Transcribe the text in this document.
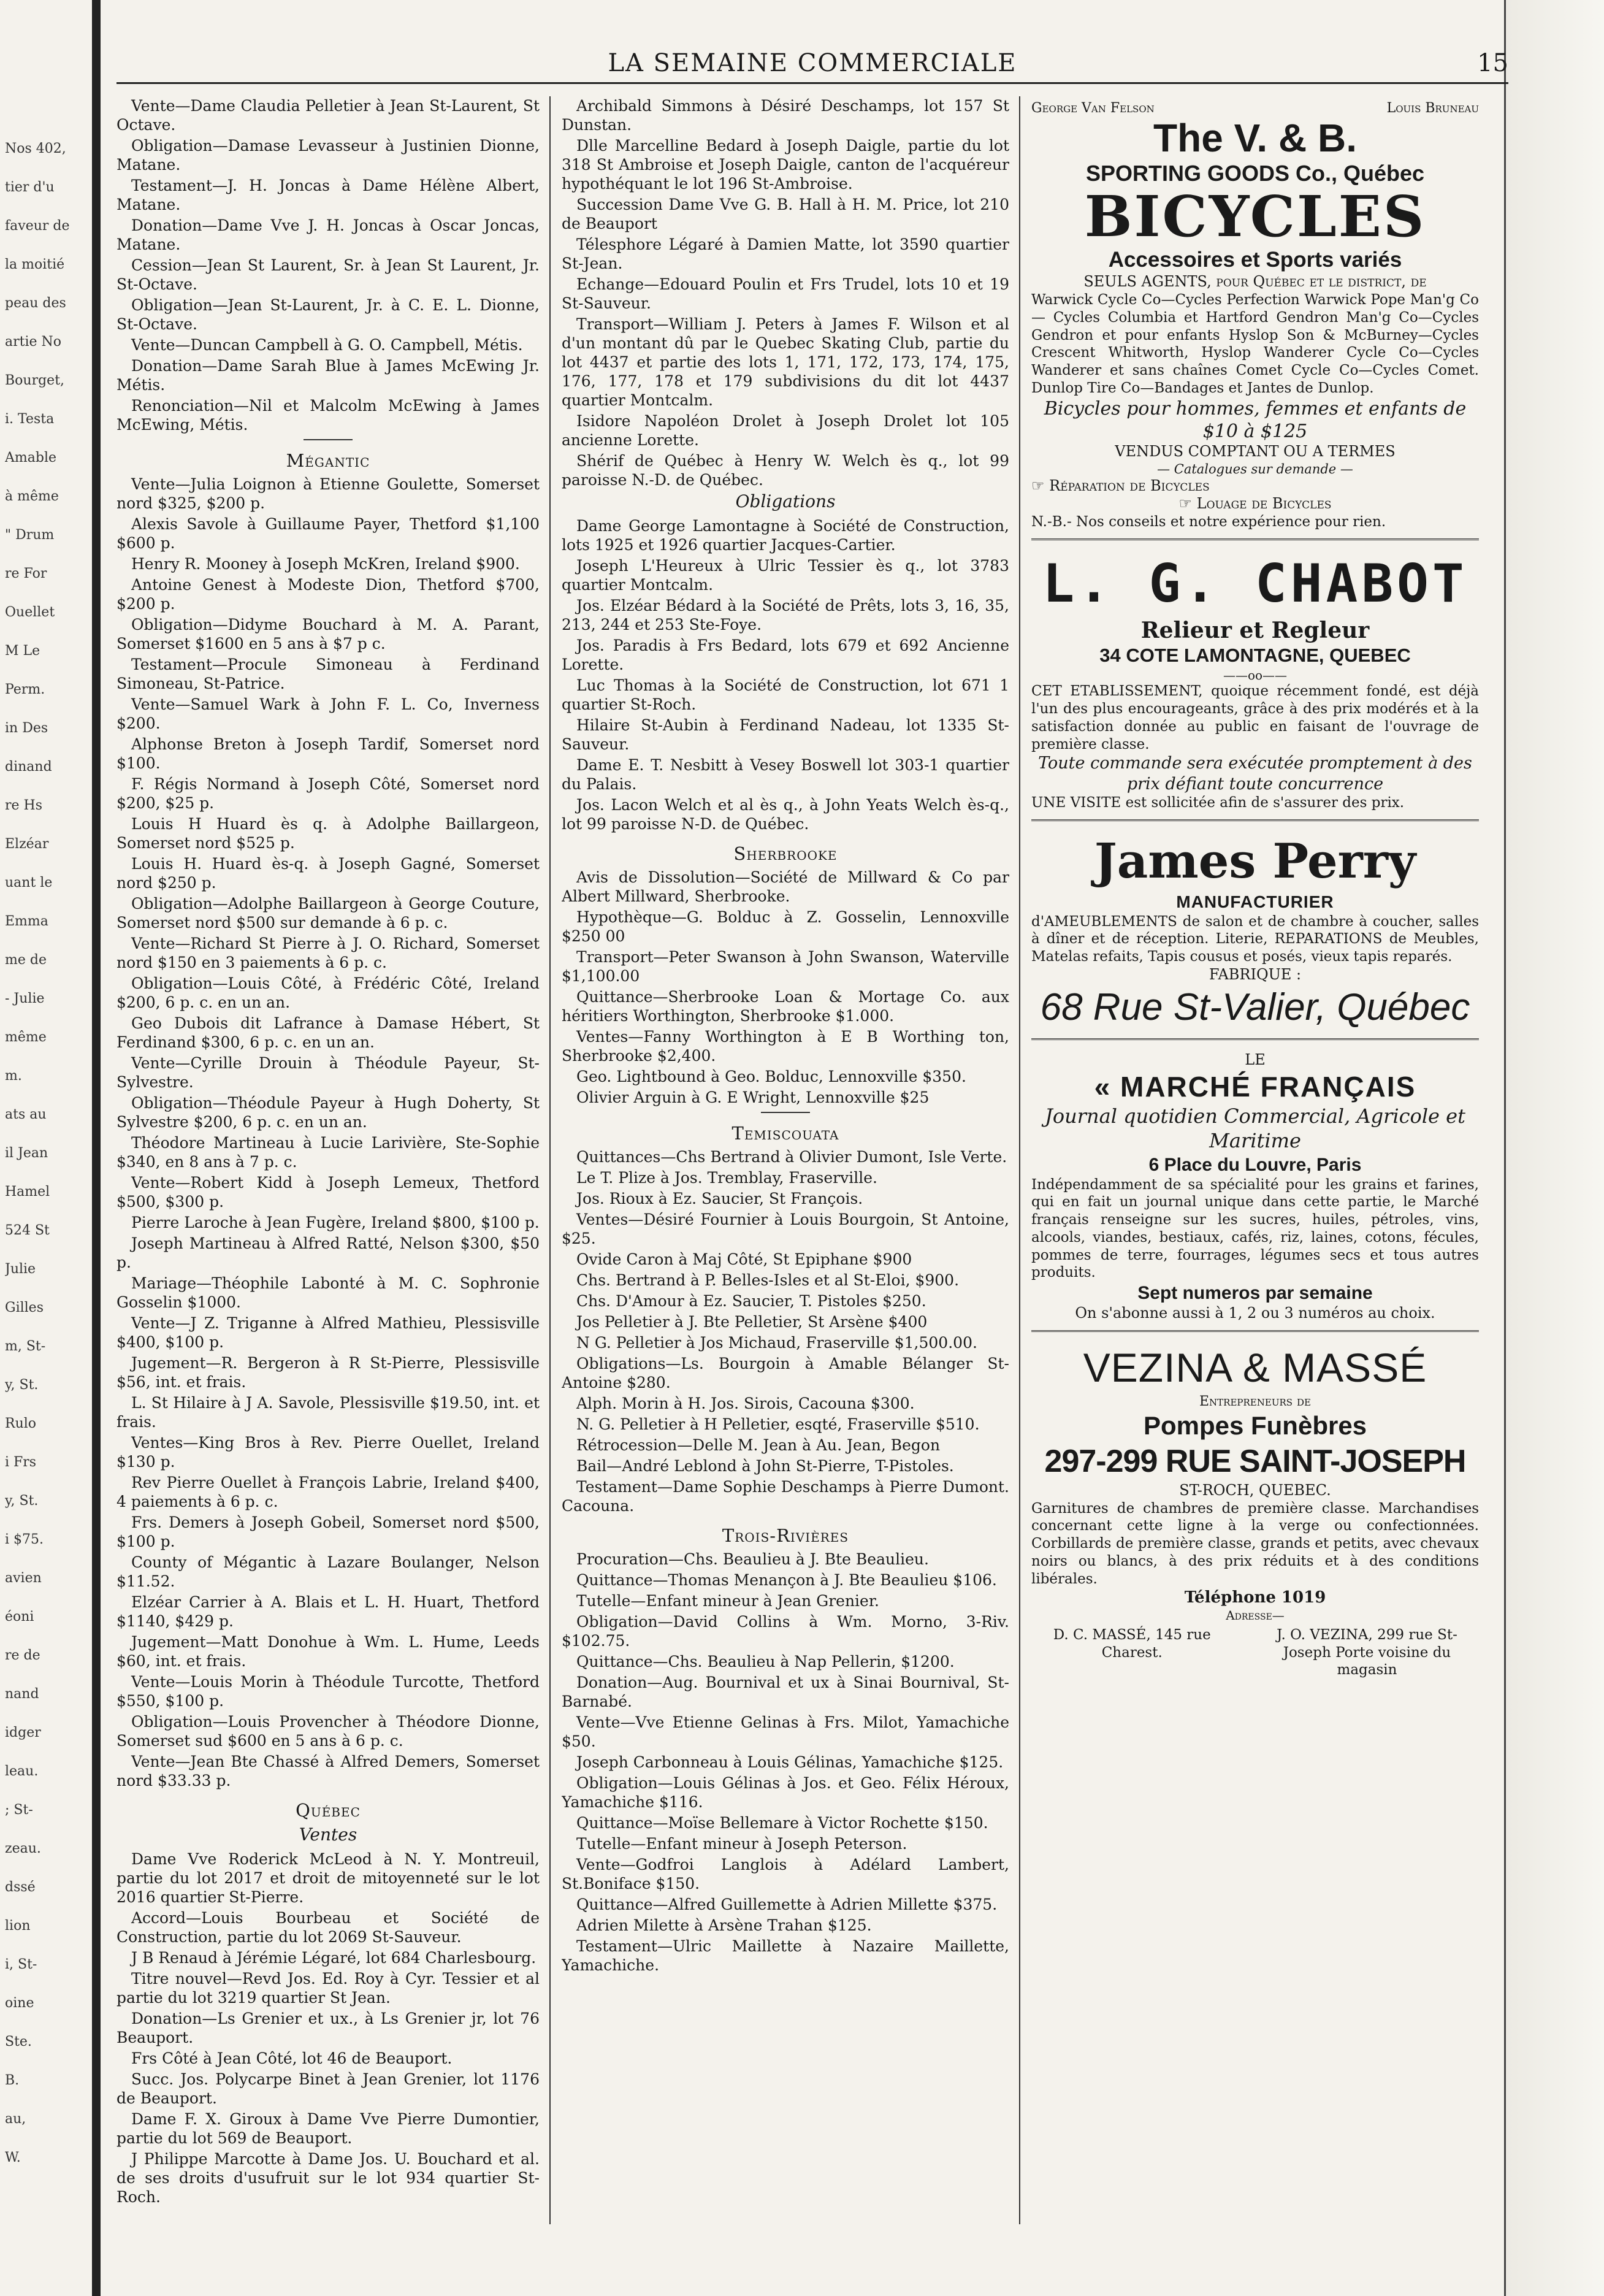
Nos 402,
tier d'u
faveur de
la moitié
peau des
artie No
Bourget,
i. Testa
Amable
à même
" Drum
re For
Ouellet
M Le
Perm.
in Des
dinand
re Hs
Elzéar
uant le
Emma
me de
- Julie
même
m.
ats au
il Jean
Hamel
524 St
Julie
Gilles
m, St-
y, St.
Rulo
i Frs
y, St.
i $75.
avien
éoni
re de
nand
idger
leau.
; St-
zeau.
dssé
lion
i, St-
oine
Ste.
B.
au,
W.
LA SEMAINE COMMERCIALE	15

Vente—Dame Claudia Pelletier à Jean St-Laurent, St Octave.

Obligation—Damase Levasseur à Justinien Dionne, Matane.

Testament—J. H. Joncas à Dame Hélène Albert, Matane.

Donation—Dame Vve J. H. Joncas à Oscar Joncas, Matane.

Cession—Jean St Laurent, Sr. à Jean St Laurent, Jr. St-Octave.

Obligation—Jean St-Laurent, Jr. à C. E. L. Dionne, St-Octave.

Vente—Duncan Campbell à G. O. Campbell, Métis.

Donation—Dame Sarah Blue à James McEwing Jr. Métis.

Renonciation—Nil et Malcolm McEwing à James McEwing, Métis.

Mégantic

Vente—Julia Loignon à Etienne Goulette, Somerset nord $325, $200 p.

Alexis Savole à Guillaume Payer, Thetford $1,100 $600 p.

Henry R. Mooney à Joseph McKren, Ireland $900.

Antoine Genest à Modeste Dion, Thetford $700, $200 p.

Obligation—Didyme Bouchard à M. A. Parant, Somerset $1600 en 5 ans à $7 p c.

Testament—Procule Simoneau à Ferdinand Simoneau, St-Patrice.

Vente—Samuel Wark à John F. L. Co, Inverness $200.

Alphonse Breton à Joseph Tardif, Somerset nord $100.

F. Régis Normand à Joseph Côté, Somerset nord $200, $25 p.

Louis H Huard ès q. à Adolphe Baillargeon, Somerset nord $525 p.

Louis H. Huard ès-q. à Joseph Gagné, Somerset nord $250 p.

Obligation—Adolphe Baillargeon à George Couture, Somerset nord $500 sur demande à 6 p. c.

Vente—Richard St Pierre à J. O. Richard, Somerset nord $150 en 3 paiements à 6 p. c.

Obligation—Louis Côté, à Frédéric Côté, Ireland $200, 6 p. c. en un an.

Geo Dubois dit Lafrance à Damase Hébert, St Ferdinand $300, 6 p. c. en un an.

Vente—Cyrille Drouin à Théodule Payeur, St-Sylvestre.

Obligation—Théodule Payeur à Hugh Doherty, St Sylvestre $200, 6 p. c. en un an.

Théodore Martineau à Lucie Larivière, Ste-Sophie $340, en 8 ans à 7 p. c.

Vente—Robert Kidd à Joseph Lemeux, Thetford $500, $300 p.

Pierre Laroche à Jean Fugère, Ireland $800, $100 p.

Joseph Martineau à Alfred Ratté, Nelson $300, $50 p.

Mariage—Théophile Labonté à M. C. Sophronie Gosselin $1000.

Vente—J Z. Triganne à Alfred Mathieu, Plessisville $400, $100 p.

Jugement—R. Bergeron à R St-Pierre, Plessisville $56, int. et frais.

L. St Hilaire à J A. Savole, Plessisville $19.50, int. et frais.

Ventes—King Bros à Rev. Pierre Ouellet, Ireland $130 p.

Rev Pierre Ouellet à François Labrie, Ireland $400, 4 paiements à 6 p. c.

Frs. Demers à Joseph Gobeil, Somerset nord $500, $100 p.

County of Mégantic à Lazare Boulanger, Nelson $11.52.

Elzéar Carrier à A. Blais et L. H. Huart, Thetford $1140, $429 p.

Jugement—Matt Donohue à Wm. L. Hume, Leeds $60, int. et frais.

Vente—Louis Morin à Théodule Turcotte, Thetford $550, $100 p.

Obligation—Louis Provencher à Théodore Dionne, Somerset sud $600 en 5 ans à 6 p. c.

Vente—Jean Bte Chassé à Alfred Demers, Somerset nord $33.33 p.

Québec
Ventes

Dame Vve Roderick McLeod à N. Y. Montreuil, partie du lot 2017 et droit de mitoyenneté sur le lot 2016 quartier St-Pierre.

Accord—Louis Bourbeau et Société de Construction, partie du lot 2069 St-Sauveur.

J B Renaud à Jérémie Légaré, lot 684 Charlesbourg.

Titre nouvel—Revd Jos. Ed. Roy à Cyr. Tessier et al partie du lot 3219 quartier St Jean.

Donation—Ls Grenier et ux., à Ls Grenier jr, lot 76 Beauport.

Frs Côté à Jean Côté, lot 46 de Beauport.

Succ. Jos. Polycarpe Binet à Jean Grenier, lot 1176 de Beauport.

Dame F. X. Giroux à Dame Vve Pierre Dumontier, partie du lot 569 de Beauport.

J Philippe Marcotte à Dame Jos. U. Bouchard et al. de ses droits d'usufruit sur le lot 934 quartier St-Roch.

Archibald Simmons à Désiré Deschamps, lot 157 St Dunstan.

Dlle Marcelline Bedard à Joseph Daigle, partie du lot 318 St Ambroise et Joseph Daigle, canton de l'acquéreur hypothéquant le lot 196 St-Ambroise.

Succession Dame Vve G. B. Hall à H. M. Price, lot 210 de Beauport

Télesphore Légaré à Damien Matte, lot 3590 quartier St-Jean.

Echange—Edouard Poulin et Frs Trudel, lots 10 et 19 St-Sauveur.

Transport—William J. Peters à James F. Wilson et al d'un montant dû par le Quebec Skating Club, partie du lot 4437 et partie des lots 1, 171, 172, 173, 174, 175, 176, 177, 178 et 179 subdivisions du dit lot 4437 quartier Montcalm.

Isidore Napoléon Drolet à Joseph Drolet lot 105 ancienne Lorette.

Shérif de Québec à Henry W. Welch ès q., lot 99 paroisse N.-D. de Québec.

Obligations

Dame George Lamontagne à Société de Construction, lots 1925 et 1926 quartier Jacques-Cartier.

Joseph L'Heureux à Ulric Tessier ès q., lot 3783 quartier Montcalm.

Jos. Elzéar Bédard à la Société de Prêts, lots 3, 16, 35, 213, 244 et 253 Ste-Foye.

Jos. Paradis à Frs Bedard, lots 679 et 692 Ancienne Lorette.

Luc Thomas à la Société de Construction, lot 671 1 quartier St-Roch.

Hilaire St-Aubin à Ferdinand Nadeau, lot 1335 St-Sauveur.

Dame E. T. Nesbitt à Vesey Boswell lot 303-1 quartier du Palais.

Jos. Lacon Welch et al ès q., à John Yeats Welch ès-q., lot 99 paroisse N-D. de Québec.

Sherbrooke

Avis de Dissolution—Société de Millward & Co par Albert Millward, Sherbrooke.

Hypothèque—G. Bolduc à Z. Gosselin, Lennoxville $250 00

Transport—Peter Swanson à John Swanson, Waterville $1,100.00

Quittance—Sherbrooke Loan & Mortage Co. aux héritiers Worthington, Sherbrooke $1.000.

Ventes—Fanny Worthington à E B Worthing ton, Sherbrooke $2,400.

Geo. Lightbound à Geo. Bolduc, Lennoxville $350.

Olivier Arguin à G. E Wright, Lennoxville $25

Temiscouata

Quittances—Chs Bertrand à Olivier Dumont, Isle Verte.

Le T. Plize à Jos. Tremblay, Fraserville.

Jos. Rioux à Ez. Saucier, St François.

Ventes—Désiré Fournier à Louis Bourgoin, St Antoine, $25.

Ovide Caron à Maj Côté, St Epiphane $900

Chs. Bertrand à P. Belles-Isles et al St-Eloi, $900.

Chs. D'Amour à Ez. Saucier, T. Pistoles $250.

Jos Pelletier à J. Bte Pelletier, St Arsène $400

N G. Pelletier à Jos Michaud, Fraserville $1,500.00.

Obligations—Ls. Bourgoin à Amable Bélanger St-Antoine $280.

Alph. Morin à H. Jos. Sirois, Cacouna $300.

N. G. Pelletier à H Pelletier, esqté, Fraserville $510.

Rétrocession—Delle M. Jean à Au. Jean, Begon

Bail—André Leblond à John St-Pierre, T-Pistoles.

Testament—Dame Sophie Deschamps à Pierre Dumont. Cacouna.

Trois-Rivières

Procuration—Chs. Beaulieu à J. Bte Beaulieu.

Quittance—Thomas Menançon à J. Bte Beaulieu $106.

Tutelle—Enfant mineur à Jean Grenier.

Obligation—David Collins à Wm. Morno, 3-Riv. $102.75.

Quittance—Chs. Beaulieu à Nap Pellerin, $1200.

Donation—Aug. Bournival et ux à Sinai Bournival, St-Barnabé.

Vente—Vve Etienne Gelinas à Frs. Milot, Yamachiche $50.

Joseph Carbonneau à Louis Gélinas, Yamachiche $125.

Obligation—Louis Gélinas à Jos. et Geo. Félix Héroux, Yamachiche $116.

Quittance—Moïse Bellemare à Victor Rochette $150.

Tutelle—Enfant mineur à Joseph Peterson.

Vente—Godfroi Langlois à Adélard Lambert, St.Boniface $150.

Quittance—Alfred Guillemette à Adrien Millette $375.

Adrien Milette à Arsène Trahan $125.

Testament—Ulric Maillette à Nazaire Maillette, Yamachiche.

George Van Felson	Louis Bruneau
The V. & B.
SPORTING GOODS Co., Québec
BICYCLES
Accessoires et Sports variés
SEULS AGENTS, pour Québec et le district, de
Warwick Cycle Co—Cycles Perfection Warwick Pope Man'g Co — Cycles Columbia et Hartford Gendron Man'g Co—Cycles Gendron et pour enfants Hyslop Son & McBurney—Cycles Crescent Whitworth, Hyslop Wanderer Cycle Co—Cycles Wanderer et sans chaînes Comet Cycle Co—Cycles Comet. Dunlop Tire Co—Bandages et Jantes de Dunlop.
Bicycles pour hommes, femmes et enfants de $10 à $125
VENDUS COMPTANT OU A TERMES
— Catalogues sur demande —
☞ Réparation de Bicycles
☞ Louage de Bicycles
N.-B.- Nos conseils et notre expérience pour rien.
L. G. CHABOT
Relieur et Regleur
34 COTE LAMONTAGNE, QUEBEC
——oo——
CET ETABLISSEMENT, quoique récemment fondé, est déjà l'un des plus encourageants, grâce à des prix modérés et à la satisfaction donnée au public en faisant de l'ouvrage de première classe.
Toute commande sera exécutée promptement à des prix défiant toute concurrence
UNE VISITE est sollicitée afin de s'assurer des prix.
James Perry
MANUFACTURIER
d'AMEUBLEMENTS de salon et de chambre à coucher, salles à dîner et de réception. Literie, REPARATIONS de Meubles, Matelas refaits, Tapis cousus et posés, vieux tapis reparés.
FABRIQUE :
68 Rue St-Valier, Québec
LE
« MARCHÉ FRANÇAIS
Journal quotidien Commercial, Agricole et Maritime
6 Place du Louvre, Paris
Indépendamment de sa spécialité pour les grains et farines, qui en fait un journal unique dans cette partie, le Marché français renseigne sur les sucres, huiles, pétroles, vins, alcools, viandes, bestiaux, cafés, riz, laines, cotons, fécules, pommes de terre, fourrages, légumes secs et tous autres produits.
Sept numeros par semaine
On s'abonne aussi à 1, 2 ou 3 numéros au choix.
VEZINA & MASSÉ
Entrepreneurs de
Pompes Funèbres
297-299 RUE SAINT-JOSEPH
ST-ROCH, QUEBEC.
Garnitures de chambres de première classe. Marchandises concernant cette ligne à la verge ou confectionnées. Corbillards de première classe, grands et petits, avec chevaux noirs ou blancs, à des prix réduits et à des conditions libérales.
Téléphone 1019
Adresse—
D. C. MASSÉ, 145 rue Charest.
J. O. VEZINA, 299 rue St-Joseph Porte voisine du magasin
